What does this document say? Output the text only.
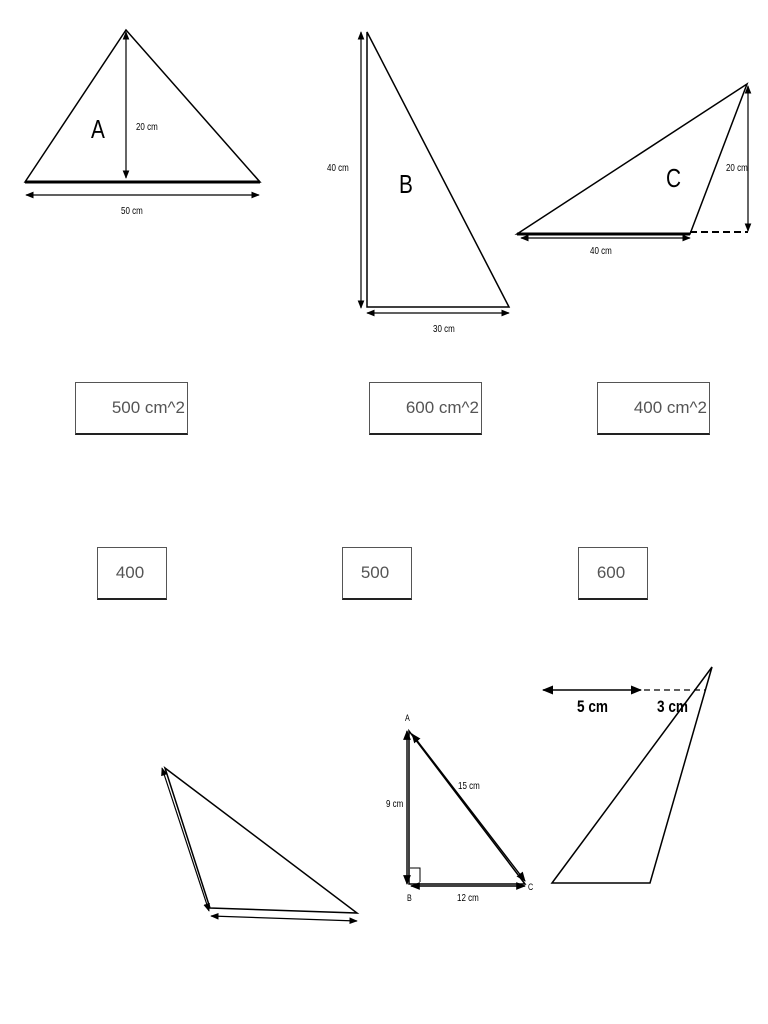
A	20 cm
50 cm
B
40 cm
30 cm
C	20 cm
40 cm
A
B
C
9 cm
15 cm
12 cm
5 cm	3 cm
500 cm^2	600 cm^2	400 cm^2
400	500	600
